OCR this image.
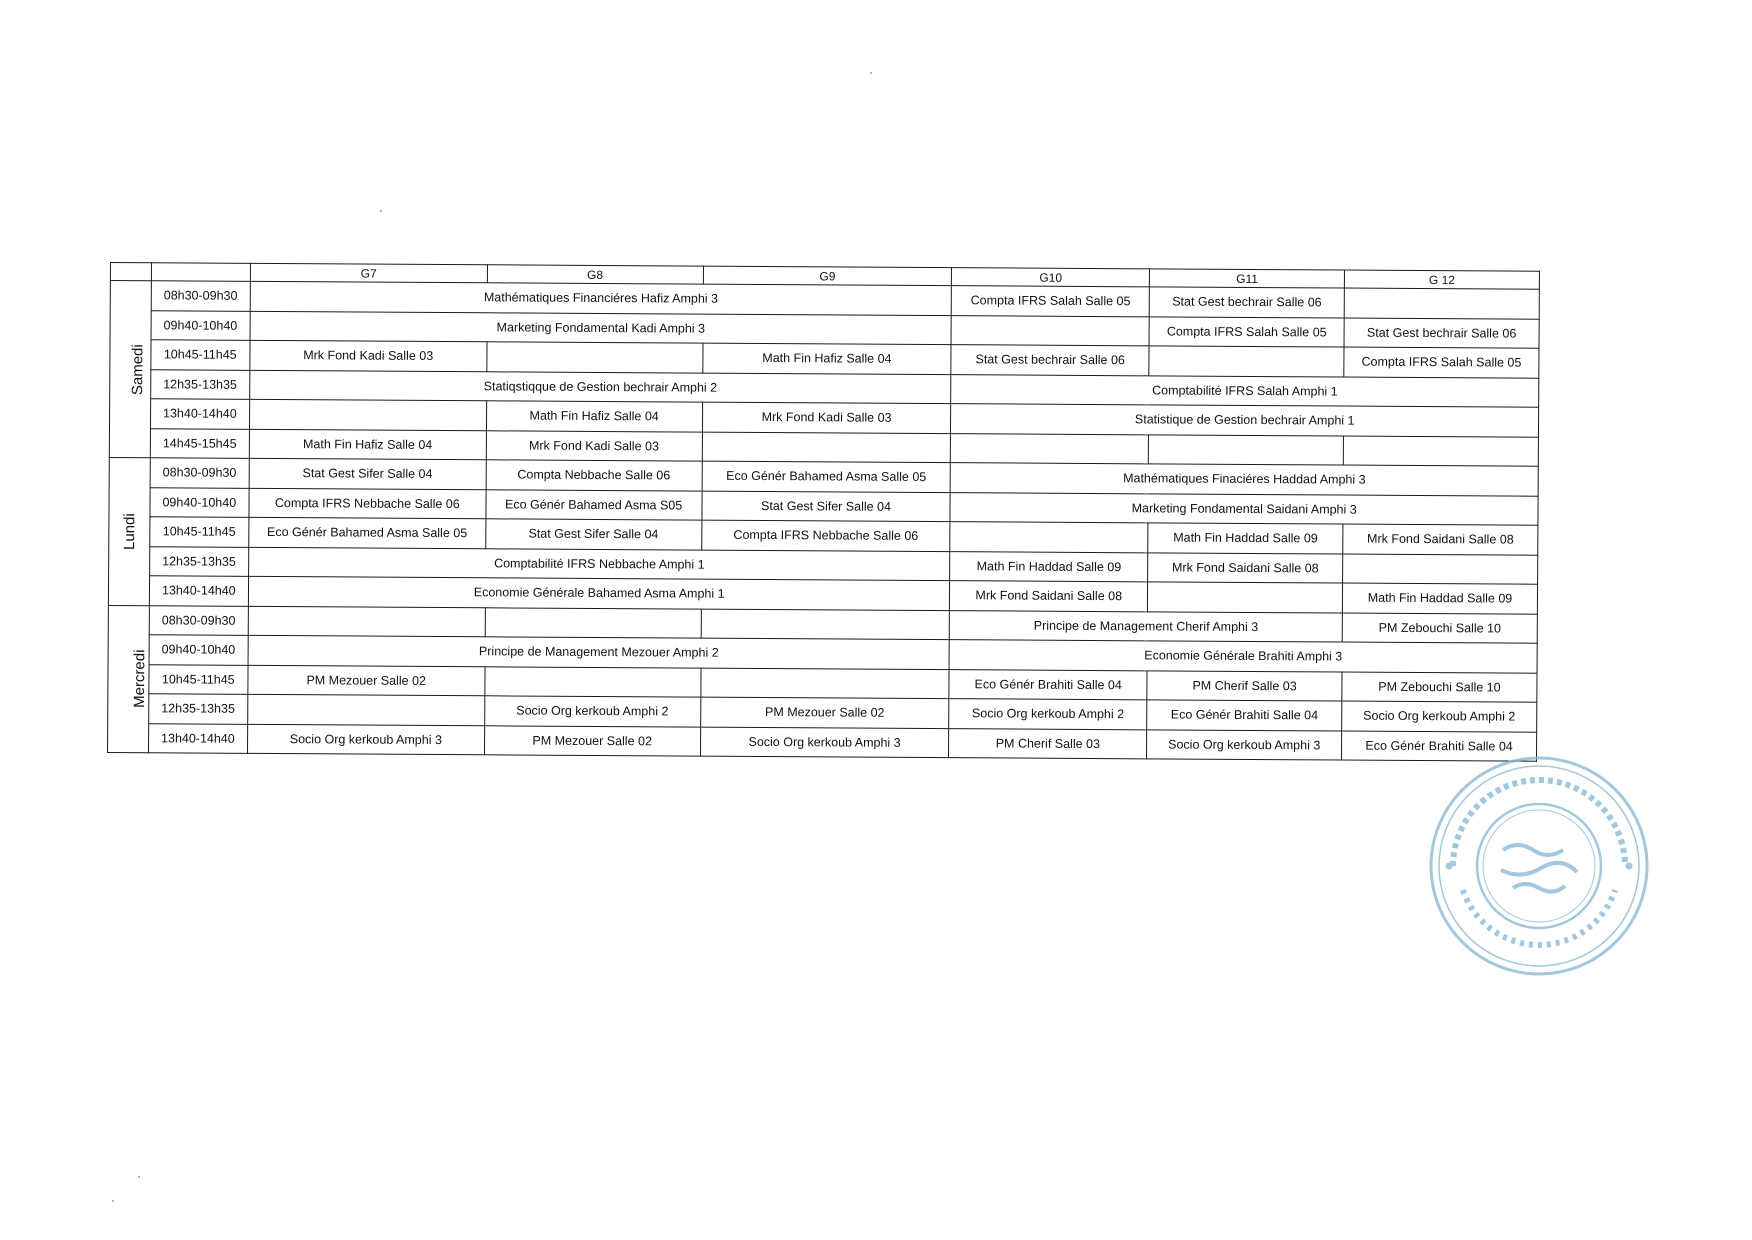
		G7	G8	G9	G10	G11	G 12
Samedi	08h30-09h30	Mathématiques Financiéres Hafiz Amphi 3			Compta IFRS Salah Salle 05	Stat Gest bechrair Salle 06	
	09h40-10h40	Marketing Fondamental Kadi Amphi 3				Compta IFRS Salah Salle 05	Stat Gest bechrair Salle 06
	10h45-11h45	Mrk Fond Kadi Salle 03		Math Fin Hafiz Salle 04	Stat Gest bechrair Salle 06		Compta IFRS Salah Salle 05
	12h35-13h35	Statiqstiqque de Gestion bechrair Amphi 2			Comptabilité IFRS Salah Amphi 1		
	13h40-14h40		Math Fin Hafiz Salle 04	Mrk Fond Kadi Salle 03	Statistique de Gestion bechrair Amphi 1		
	14h45-15h45	Math Fin Hafiz Salle 04	Mrk Fond Kadi Salle 03				
Lundi	08h30-09h30	Stat Gest Sifer Salle 04	Compta Nebbache Salle 06	Eco Génér Bahamed Asma Salle 05	Mathématiques Finaciéres Haddad Amphi 3		
	09h40-10h40	Compta IFRS Nebbache Salle 06	Eco Génér Bahamed Asma S05	Stat Gest Sifer Salle 04	Marketing Fondamental Saidani Amphi 3		
	10h45-11h45	Eco Génér Bahamed Asma Salle 05	Stat Gest Sifer Salle 04	Compta IFRS Nebbache Salle 06		Math Fin Haddad Salle 09	Mrk Fond Saidani Salle 08
	12h35-13h35	Comptabilité IFRS Nebbache Amphi 1			Math Fin Haddad Salle 09	Mrk Fond Saidani Salle 08	
	13h40-14h40	Economie Générale Bahamed Asma Amphi 1			Mrk Fond Saidani Salle 08		Math Fin Haddad Salle 09
Mercredi	08h30-09h30				Principe de Management Cherif Amphi 3		PM Zebouchi Salle 10
	09h40-10h40	Principe de Management Mezouer Amphi 2			Economie Générale Brahiti Amphi 3		
	10h45-11h45	PM Mezouer Salle 02			Eco Génér Brahiti Salle 04	PM Cherif Salle 03	PM Zebouchi Salle 10
	12h35-13h35		Socio Org kerkoub Amphi 2	PM Mezouer Salle 02	Socio Org kerkoub Amphi 2	Eco Génér Brahiti Salle 04	Socio Org kerkoub Amphi 2
	13h40-14h40	Socio Org kerkoub Amphi 3	PM Mezouer Salle 02	Socio Org kerkoub Amphi 3	PM Cherif Salle 03	Socio Org kerkoub Amphi 3	Eco Génér Brahiti Salle 04
